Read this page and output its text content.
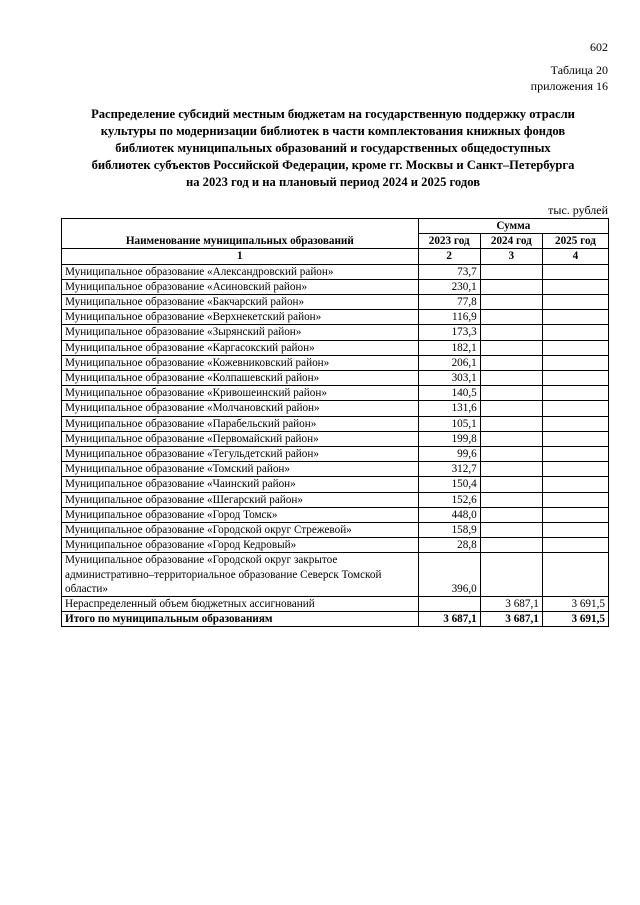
602
Таблица 20
приложения 16
Распределение субсидий местным бюджетам на государственную поддержку отрасли
культуры по модернизации библиотек в части комплектования книжных фондов
библиотек муниципальных образований и государственных общедоступных
библиотек субъектов Российской Федерации, кроме гг. Москвы и Санкт–Петербурга
на 2023 год и на плановый период 2024 и 2025 годов
тыс. рублей
Наименование муниципальных образований	Сумма		
	2023 год	2024 год	2025 год
1	2	3	4
Муниципальное образование «Александровский район»	73,7		
Муниципальное образование «Асиновский район»	230,1		
Муниципальное образование «Бакчарский район»	77,8		
Муниципальное образование «Верхнекетский район»	116,9		
Муниципальное образование «Зырянский район»	173,3		
Муниципальное образование «Каргасокский район»	182,1		
Муниципальное образование «Кожевниковский район»	206,1		
Муниципальное образование «Колпашевский район»	303,1		
Муниципальное образование «Кривошеинский район»	140,5		
Муниципальное образование «Молчановский район»	131,6		
Муниципальное образование «Парабельский район»	105,1		
Муниципальное образование «Первомайский район»	199,8		
Муниципальное образование «Тегульдетский район»	99,6		
Муниципальное образование «Томский район»	312,7		
Муниципальное образование «Чаинский район»	150,4		
Муниципальное образование «Шегарский район»	152,6		
Муниципальное образование «Город Томск»	448,0		
Муниципальное образование «Городской округ Стрежевой»	158,9		
Муниципальное образование «Город Кедровый»	28,8		
Муниципальное образование «Городской округ закрытое административно–территориальное образование Северск Томской области»	396,0		
Нераспределенный объем бюджетных ассигнований		3 687,1	3 691,5
Итого по муниципальным образованиям	3 687,1	3 687,1	3 691,5
